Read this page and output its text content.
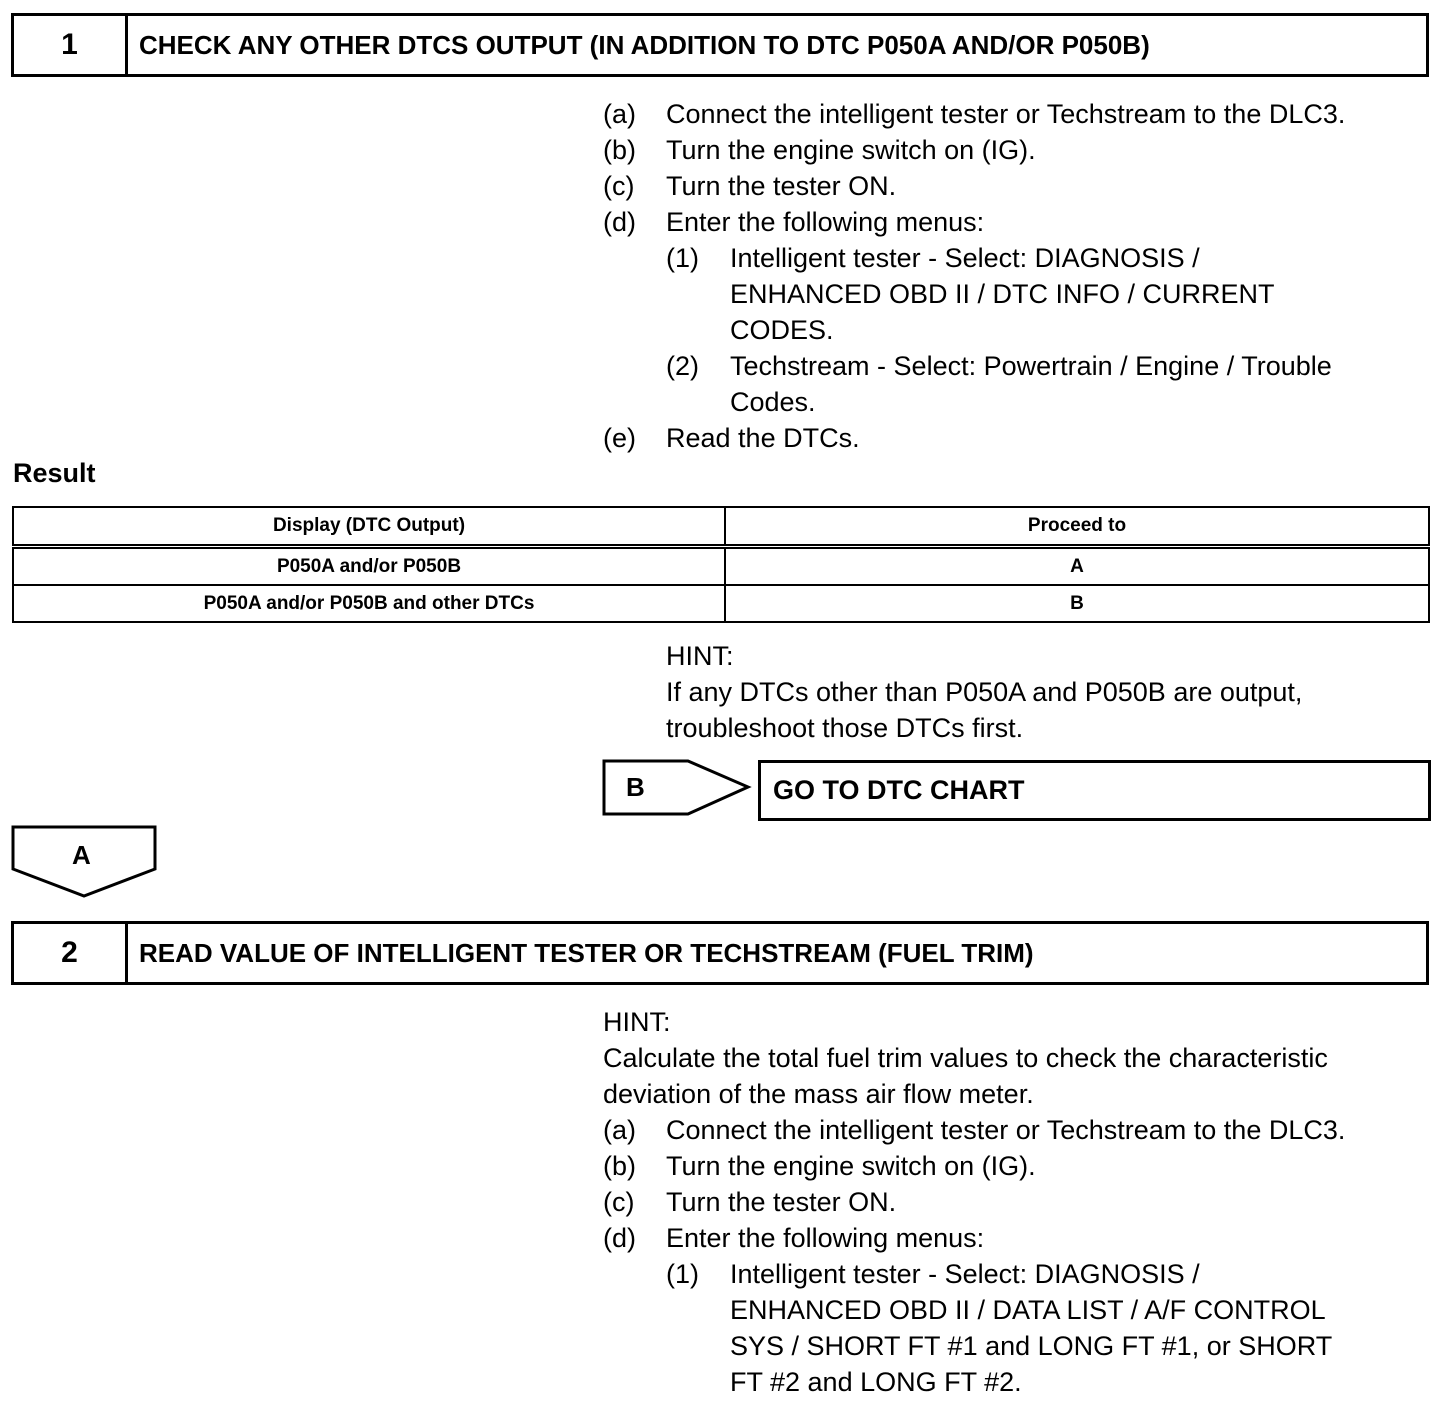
1	CHECK ANY OTHER DTCS OUTPUT (IN ADDITION TO DTC P050A AND/OR P050B)
(a) Connect the intelligent tester or Techstream to the DLC3.
(b) Turn the engine switch on (IG).
(c) Turn the tester ON.
(d) Enter the following menus:
(1) Intelligent tester - Select: DIAGNOSIS /
ENHANCED OBD II / DTC INFO / CURRENT
CODES.
(2) Techstream - Select: Powertrain / Engine / Trouble
Codes.
(e) Read the DTCs.
Result
Display (DTC Output)	Proceed to
P050A and/or P050B	A
P050A and/or P050B and other DTCs	B
HINT:
If any DTCs other than P050A and P050B are output,
troubleshoot those DTCs first.
B	GO TO DTC CHART
A
2	READ VALUE OF INTELLIGENT TESTER OR TECHSTREAM (FUEL TRIM)
HINT:
Calculate the total fuel trim values to check the characteristic
deviation of the mass air flow meter.
(a) Connect the intelligent tester or Techstream to the DLC3.
(b) Turn the engine switch on (IG).
(c) Turn the tester ON.
(d) Enter the following menus:
(1) Intelligent tester - Select: DIAGNOSIS /
ENHANCED OBD II / DATA LIST / A/F CONTROL
SYS / SHORT FT #1 and LONG FT #1, or SHORT
FT #2 and LONG FT #2.
